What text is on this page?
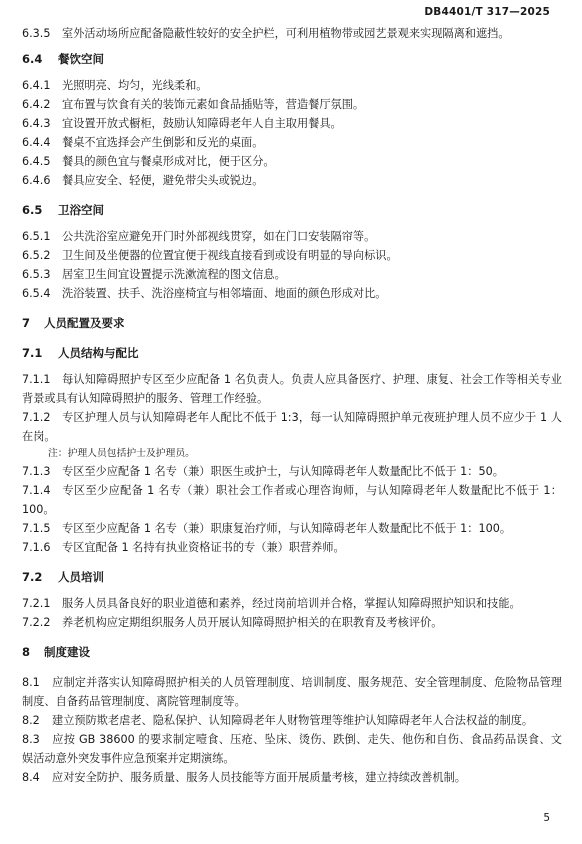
DB4401/T 317—2025

6.3.5 室外活动场所应配备隐蔽性较好的安全护栏，可利用植物带或园艺景观来实现隔离和遮挡。

6.4 餐饮空间

6.4.1 光照明亮、均匀，光线柔和。

6.4.2 宜布置与饮食有关的装饰元素如食品插贴等，营造餐厅氛围。

6.4.3 宜设置开放式橱柜，鼓励认知障碍老年人自主取用餐具。

6.4.4 餐桌不宜选择会产生倒影和反光的桌面。

6.4.5 餐具的颜色宜与餐桌形成对比，便于区分。

6.4.6 餐具应安全、轻便，避免带尖头或锐边。

6.5 卫浴空间

6.5.1 公共洗浴室应避免开门时外部视线贯穿，如在门口安装隔帘等。

6.5.2 卫生间及坐便器的位置宜便于视线直接看到或设有明显的导向标识。

6.5.3 居室卫生间宜设置提示洗漱流程的图文信息。

6.5.4 洗浴装置、扶手、洗浴座椅宜与相邻墙面、地面的颜色形成对比。

7 人员配置及要求

7.1 人员结构与配比

7.1.1 每认知障碍照护专区至少应配备 1 名负责人。负责人应具备医疗、护理、康复、社会工作等相关专业背景或具有认知障碍照护的服务、管理工作经验。

7.1.2 专区护理人员与认知障碍老年人配比不低于 1:3，每一认知障碍照护单元夜班护理人员不应少于 1 人在岗。

注：护理人员包括护士及护理员。

7.1.3 专区至少应配备 1 名专（兼）职医生或护士，与认知障碍老年人数量配比不低于 1：50。

7.1.4 专区至少应配备 1 名专（兼）职社会工作者或心理咨询师，与认知障碍老年人数量配比不低于 1：100。

7.1.5 专区至少应配备 1 名专（兼）职康复治疗师，与认知障碍老年人数量配比不低于 1：100。

7.1.6 专区宜配备 1 名持有执业资格证书的专（兼）职营养师。

7.2 人员培训

7.2.1 服务人员具备良好的职业道德和素养，经过岗前培训并合格，掌握认知障碍照护知识和技能。

7.2.2 养老机构应定期组织服务人员开展认知障碍照护相关的在职教育及考核评价。

8 制度建设

8.1 应制定并落实认知障碍照护相关的人员管理制度、培训制度、服务规范、安全管理制度、危险物品管理制度、自备药品管理制度、离院管理制度等。

8.2 建立预防欺老虐老、隐私保护、认知障碍老年人财物管理等维护认知障碍老年人合法权益的制度。

8.3 应按 GB 38600 的要求制定噎食、压疮、坠床、烫伤、跌倒、走失、他伤和自伤、食品药品误食、文娱活动意外突发事件应急预案并定期演练。

8.4 应对安全防护、服务质量、服务人员技能等方面开展质量考核，建立持续改善机制。

5
